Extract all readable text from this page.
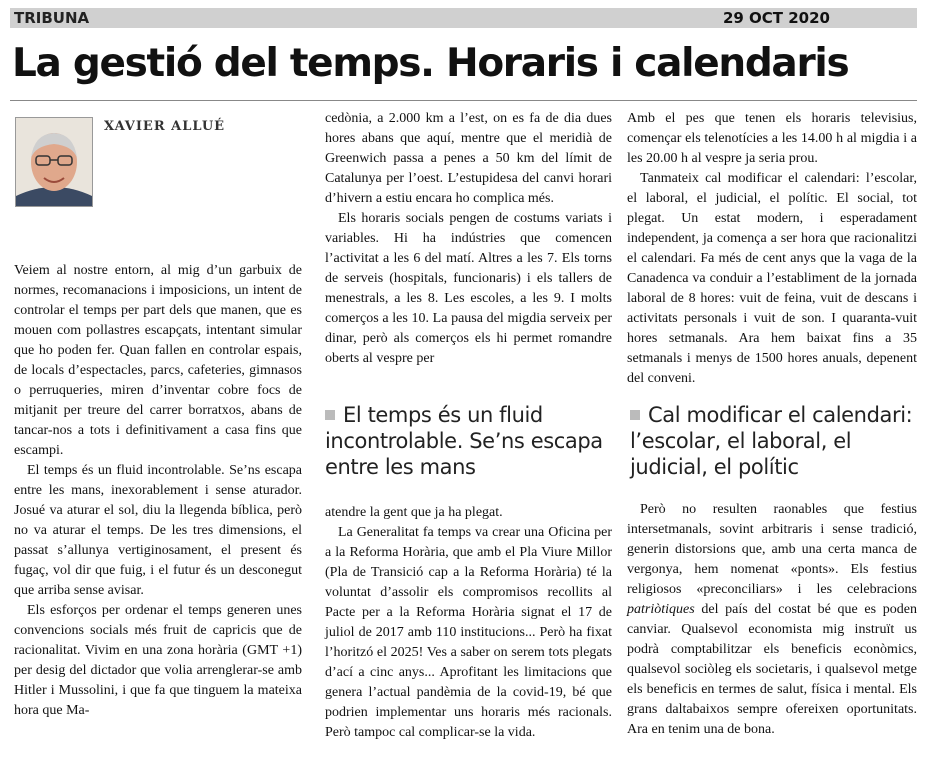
TRIBUNA	29 OCT 2020
La gestió del temps. Horaris i calendaris
XAVIER ALLUÉ

Veiem al nostre entorn, al mig d’un garbuix de normes, recomanacions i imposicions, un intent de controlar el temps per part dels que manen, que es mouen com pollastres escapçats, intentant simular que ho poden fer. Quan fallen en controlar espais, de locals d’espectacles, parcs, cafeteries, gimnasos o perruqueries, miren d’inventar cobre focs de mitjanit per treure del carrer borratxos, abans de tancar-nos a tots i definitivament a casa fins que escampi.

El temps és un fluid incontrolable. Se’ns escapa entre les mans, inexorablement i sense aturador. Josué va aturar el sol, diu la llegenda bíblica, però no va aturar el temps. De les tres dimensions, el passat s’allunya vertiginosament, el present és fugaç, vol dir que fuig, i el futur és un desconegut que arriba sense avisar.

Els esforços per ordenar el temps generen unes convencions socials més fruit de capricis que de racionalitat. Vivim en una zona horària (GMT +1) per desig del dictador que volia arrenglerar-se amb Hitler i Mussolini, i que fa que tinguem la mateixa hora que Ma-

cedònia, a 2.000 km a l’est, on es fa de dia dues hores abans que aquí, mentre que el meridià de Greenwich passa a penes a 50 km del límit de Catalunya per l’oest. L’estupidesa del canvi horari d’hivern a estiu encara ho complica més.

Els horaris socials pengen de costums variats i variables. Hi ha indústries que comencen l’activitat a les 6 del matí. Altres a les 7. Els torns de serveis (hospitals, funcionaris) i els tallers de menestrals, a les 8. Les escoles, a les 9. I molts comerços a les 10. La pausa del migdia serveix per dinar, però als comerços els hi permet romandre oberts al vespre per

El temps és un fluid incontrolable. Se’ns escapa entre les mans

atendre la gent que ja ha plegat.

La Generalitat fa temps va crear una Oficina per a la Reforma Horària, que amb el Pla Viure Millor (Pla de Transició cap a la Reforma Horària) té la voluntat d’assolir els compromisos recollits al Pacte per a la Reforma Horària signat el 17 de juliol de 2017 amb 110 institucions... Però ha fixat l’horitzó el 2025! Ves a saber on serem tots plegats d’ací a cinc anys... Aprofitant les limitacions que genera l’actual pandèmia de la covid-19, bé que podrien implementar uns horaris més racionals. Però tampoc cal complicar-se la vida.

Amb el pes que tenen els horaris televisius, començar els telenotícies a les 14.00 h al migdia i a les 20.00 h al vespre ja seria prou.

Tanmateix cal modificar el calendari: l’escolar, el laboral, el judicial, el polític. El social, tot plegat. Un estat modern, i esperadament independent, ja comença a ser hora que racionalitzi el calendari. Fa més de cent anys que la vaga de la Canadenca va conduir a l’establiment de la jornada laboral de 8 hores: vuit de feina, vuit de descans i activitats personals i vuit de son. I quaranta-vuit hores setmanals. Ara hem baixat fins a 35 setmanals i menys de 1500 hores anuals, depenent del conveni.

Cal modificar el calendari: l’escolar, el laboral, el judicial, el polític

Però no resulten raonables que festius intersetmanals, sovint arbitraris i sense tradició, generin distorsions que, amb una certa manca de vergonya, hem nomenat «ponts». Els festius religiosos «preconciliars» i les celebracions patriòtiques del país del costat bé que es poden canviar. Qualsevol economista mig instruït us podrà comptabilitzar els beneficis econòmics, qualsevol sociòleg els societaris, i qualsevol metge els beneficis en termes de salut, física i mental. Els grans daltabaixos sempre ofereixen oportunitats. Ara en tenim una de bona.
